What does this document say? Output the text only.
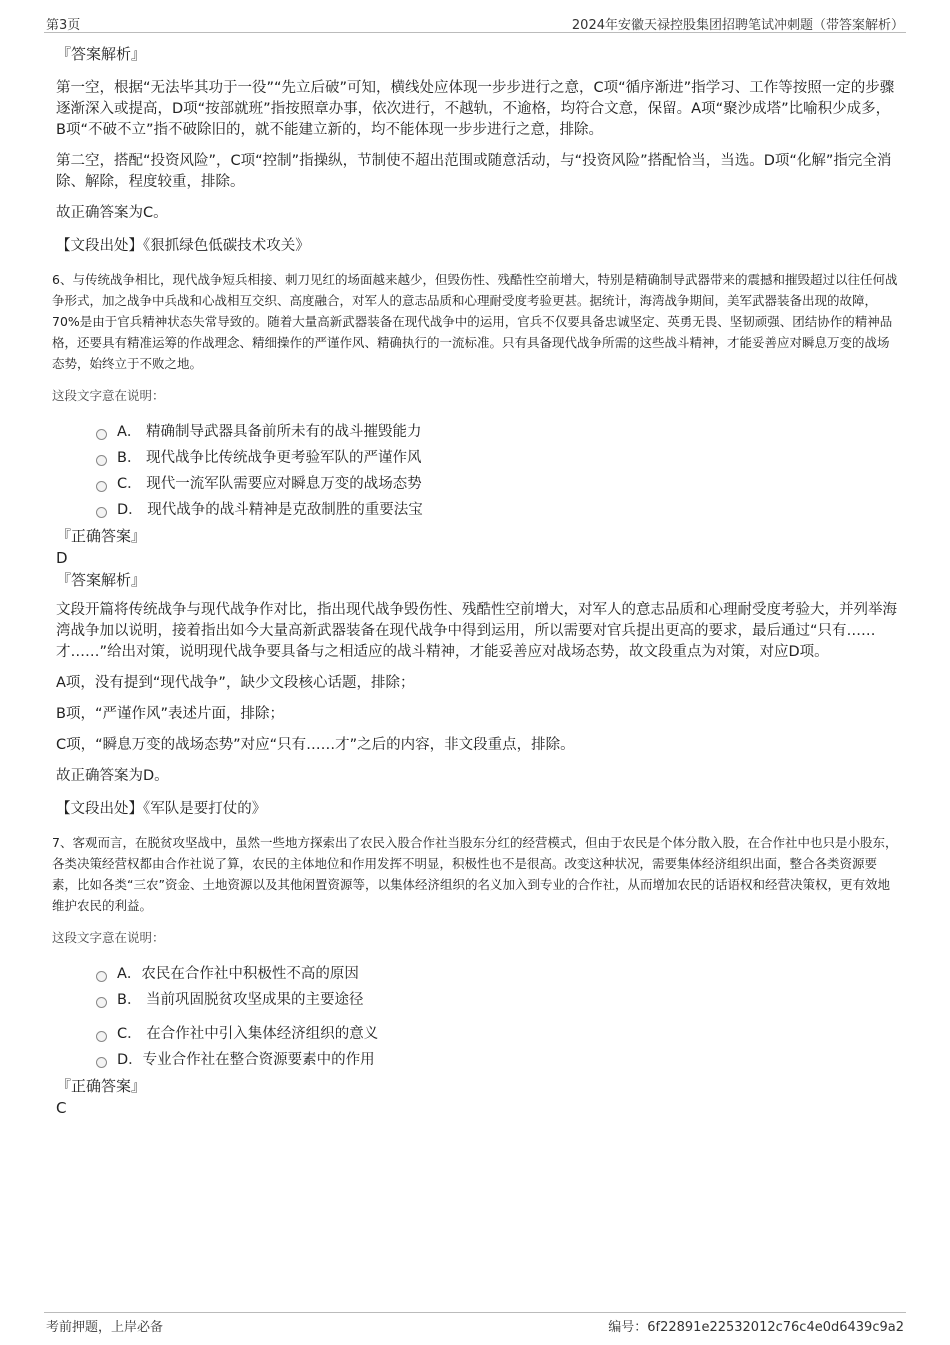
第3页	2024年安徽天禄控股集团招聘笔试冲刺题（带答案解析）
『答案解析』

第一空，根据“无法毕其功于一役”“先立后破”可知，横线处应体现一步步进行之意，C项“循序渐进”指学习、工作等按照一定的步骤逐渐深入或提高，D项“按部就班”指按照章办事，依次进行，不越轨，不逾格，均符合文意，保留。A项“聚沙成塔”比喻积少成多，B项“不破不立”指不破除旧的，就不能建立新的，均不能体现一步步进行之意，排除。

第二空，搭配“投资风险”，C项“控制”指操纵，节制使不超出范围或随意活动，与“投资风险”搭配恰当，当选。D项“化解”指完全消除、解除，程度较重，排除。

故正确答案为C。

【文段出处】《狠抓绿色低碳技术攻关》

6、与传统战争相比，现代战争短兵相接、刺刀见红的场面越来越少，但毁伤性、残酷性空前增大，特别是精确制导武器带来的震撼和摧毁超过以往任何战争形式，加之战争中兵战和心战相互交织、高度融合，对军人的意志品质和心理耐受度考验更甚。据统计，海湾战争期间，美军武器装备出现的故障，70%是由于官兵精神状态失常导致的。随着大量高新武器装备在现代战争中的运用，官兵不仅要具备忠诚坚定、英勇无畏、坚韧顽强、团结协作的精神品格，还要具有精准运筹的作战理念、精细操作的严谨作风、精确执行的一流标准。只有具备现代战争所需的这些战斗精神，才能妥善应对瞬息万变的战场态势，始终立于不败之地。

这段文字意在说明：

A． 精确制导武器具备前所未有的战斗摧毁能力
B． 现代战争比传统战争更考验军队的严谨作风
C． 现代一流军队需要应对瞬息万变的战场态势
D． 现代战争的战斗精神是克敌制胜的重要法宝
『正确答案』
D
『答案解析』

文段开篇将传统战争与现代战争作对比，指出现代战争毁伤性、残酷性空前增大，对军人的意志品质和心理耐受度考验大，并列举海湾战争加以说明，接着指出如今大量高新武器装备在现代战争中得到运用，所以需要对官兵提出更高的要求，最后通过“只有……才……”给出对策，说明现代战争要具备与之相适应的战斗精神，才能妥善应对战场态势，故文段重点为对策，对应D项。

A项，没有提到“现代战争”，缺少文段核心话题，排除；

B项，“严谨作风”表述片面，排除；

C项，“瞬息万变的战场态势”对应“只有……才”之后的内容，非文段重点，排除。

故正确答案为D。

【文段出处】《军队是要打仗的》

7、客观而言，在脱贫攻坚战中，虽然一些地方探索出了农民入股合作社当股东分红的经营模式，但由于农民是个体分散入股，在合作社中也只是小股东，各类决策经营权都由合作社说了算，农民的主体地位和作用发挥不明显，积极性也不是很高。改变这种状况，需要集体经济组织出面，整合各类资源要素，比如各类“三农”资金、土地资源以及其他闲置资源等，以集体经济组织的名义加入到专业的合作社，从而增加农民的话语权和经营决策权，更有效地维护农民的利益。

这段文字意在说明：

A．农民在合作社中积极性不高的原因
B． 当前巩固脱贫攻坚成果的主要途径
C． 在合作社中引入集体经济组织的意义
D．专业合作社在整合资源要素中的作用
『正确答案』
C
考前押题，上岸必备	编号：6f22891e22532012c76c4e0d6439c9a2
